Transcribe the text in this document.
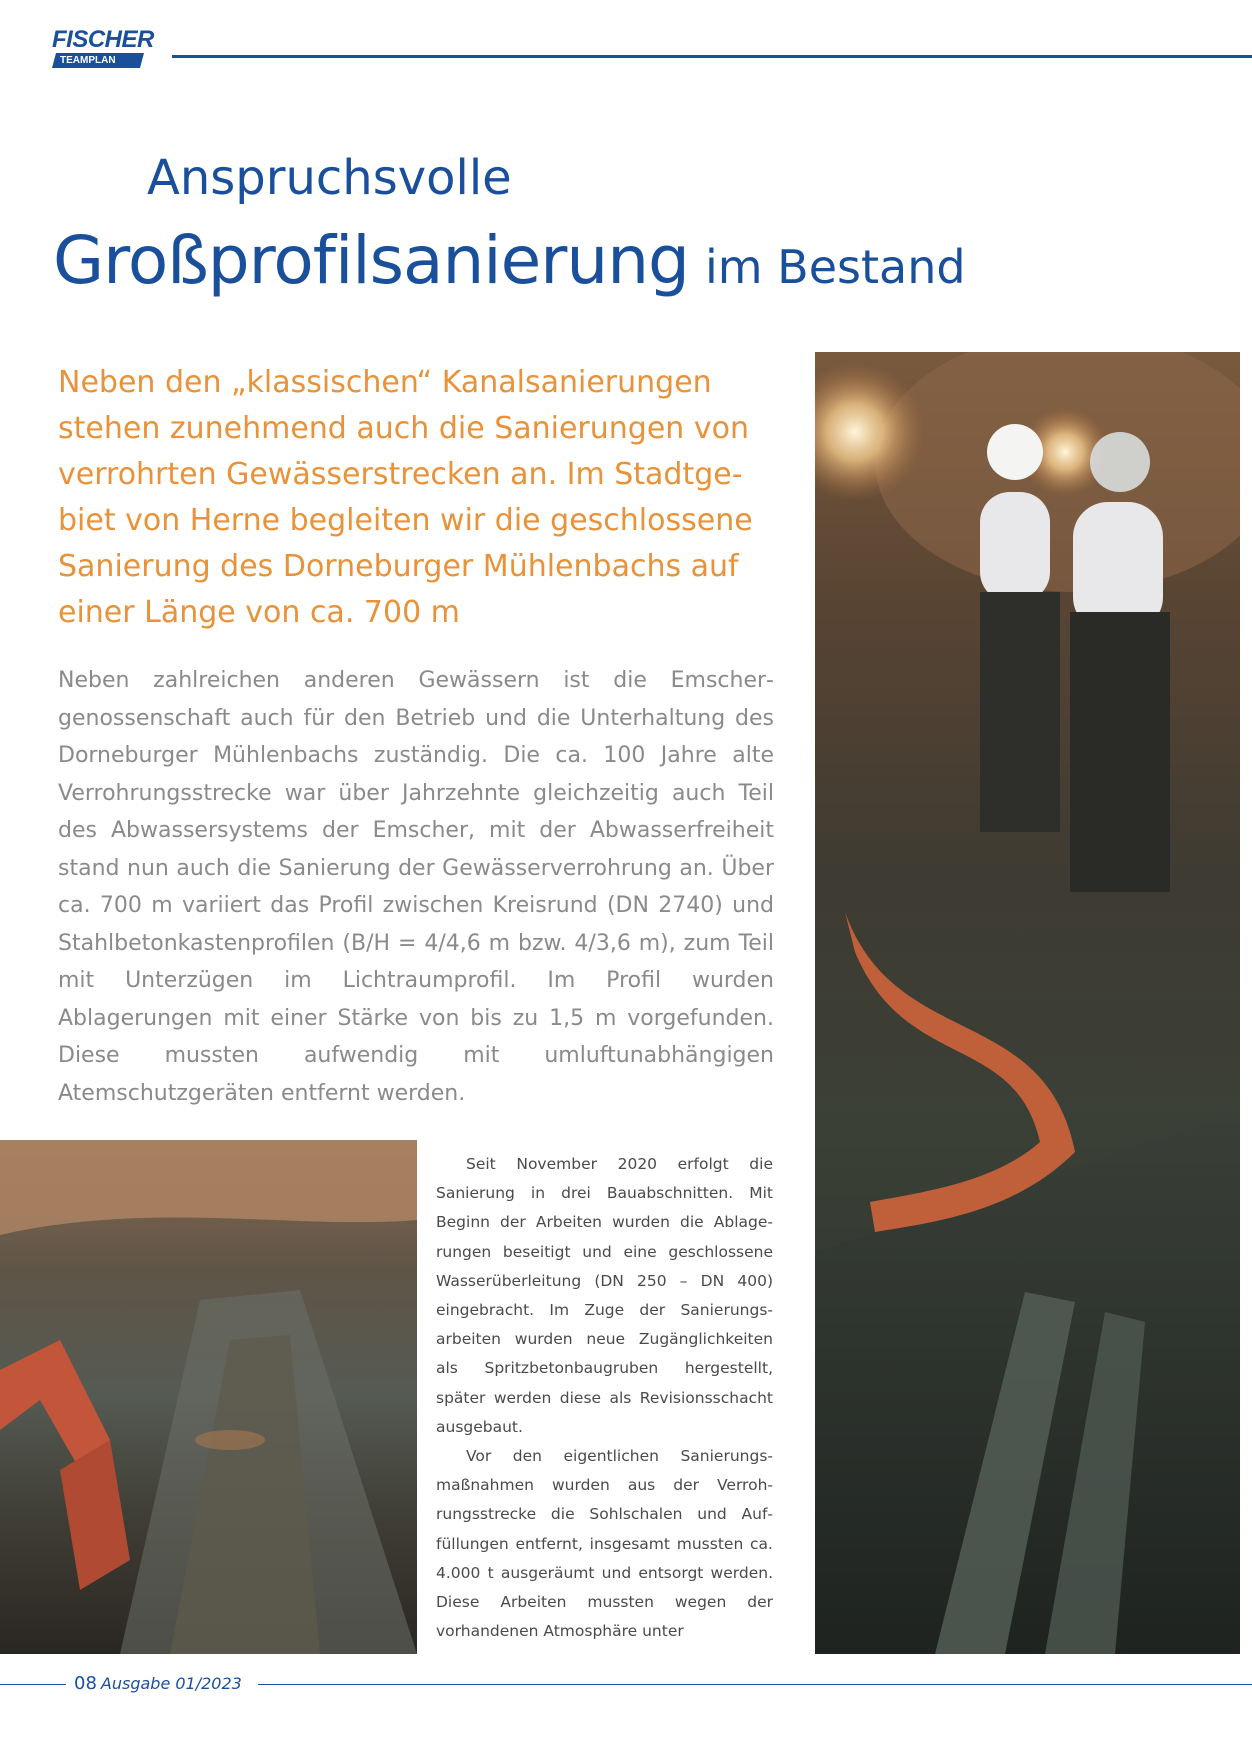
FISCHER
TEAMPLAN
Anspruchsvolle
Großprofilsanierung im Bestand

Neben den „klassischen“ Kanalsanierungen stehen zunehmend auch die Sanierungen von verrohrten Gewässerstrecken an. Im Stadtgebiet von Herne begleiten wir die geschlossene Sanierung des Dorneburger Mühlenbachs auf einer Länge von ca. 700 m

Neben zahlreichen anderen Gewässern ist die Emschergenossenschaft auch für den Betrieb und die Unterhaltung des Dorneburger Mühlenbachs zuständig. Die ca. 100 Jahre alte Verrohrungsstrecke war über Jahrzehnte gleichzeitig auch Teil des Abwassersystems der Emscher, mit der Abwasserfreiheit stand nun auch die Sanierung der Gewässerverrohrung an. Über ca. 700 m variiert das Profil zwischen Kreisrund (DN 2740) und Stahlbetonkastenprofilen (B/H = 4/4,6 m bzw. 4/3,6 m), zum Teil mit Unterzügen im Lichtraumprofil. Im Profil wurden Ablagerungen mit einer Stärke von bis zu 1,5 m vorgefunden. Diese mussten aufwendig mit umluftunabhängigen Atemschutzgeräten entfernt werden.

Seit November 2020 erfolgt die Sanierung in drei Bauabschnitten. Mit Beginn der Arbeiten wurden die Ablagerungen beseitigt und eine geschlossene Wasserüberleitung (DN 250 – DN 400) eingebracht. Im Zuge der Sanierungsarbeiten wurden neue Zugänglichkeiten als Spritzbetonbaugruben hergestellt, später werden diese als Revisionsschacht ausgebaut.

Vor den eigentlichen Sanierungsmaßnahmen wurden aus der Verrohrungsstrecke die Sohlschalen und Auffüllungen entfernt, insgesamt mussten ca. 4.000 t ausgeräumt und entsorgt werden. Diese Arbeiten mussten wegen der vorhandenen Atmosphäre unter

08 Ausgabe 01/2023
